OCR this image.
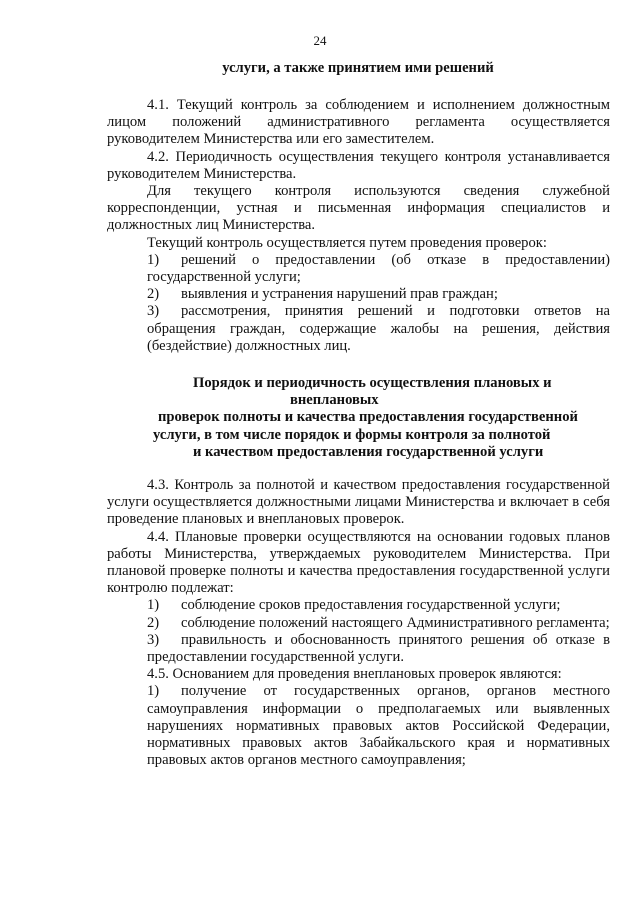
24
услуги, а также принятием ими решений

4.1. Текущий контроль за соблюдением и исполнением должностным лицом положений административного регламента осуществляется руководителем Министерства или его заместителем.

4.2. Периодичность осуществления текущего контроля устанавливается руководителем Министерства.

Для текущего контроля используются сведения служебной корреспонденции, устная и письменная информация специалистов и должностных лиц Министерства.

Текущий контроль осуществляется путем проведения проверок:

1) решений о предоставлении (об отказе в предоставлении) государственной услуги;

2) выявления и устранения нарушений прав граждан;

3) рассмотрения, принятия решений и подготовки ответов на обращения граждан, содержащие жалобы на решения, действия (бездействие) должностных лиц.

Порядок и периодичность осуществления плановых и
внеплановых
проверок полноты и качества предоставления государственной
услуги, в том числе порядок и формы контроля за полнотой
и качеством предоставления государственной услуги

4.3. Контроль за полнотой и качеством предоставления государственной услуги осуществляется должностными лицами Министерства и включает в себя проведение плановых и внеплановых проверок.

4.4. Плановые проверки осуществляются на основании годовых планов работы Министерства, утверждаемых руководителем Министерства. При плановой проверке полноты и качества предоставления государственной услуги контролю подлежат:

1) соблюдение сроков предоставления государственной услуги;

2) соблюдение положений настоящего Административного регламента;

3) правильность и обоснованность принятого решения об отказе в предоставлении государственной услуги.

4.5. Основанием для проведения внеплановых проверок являются:

1) получение от государственных органов, органов местного самоуправления информации о предполагаемых или выявленных нарушениях нормативных правовых актов Российской Федерации, нормативных правовых актов Забайкальского края и нормативных правовых актов органов местного самоуправления;
